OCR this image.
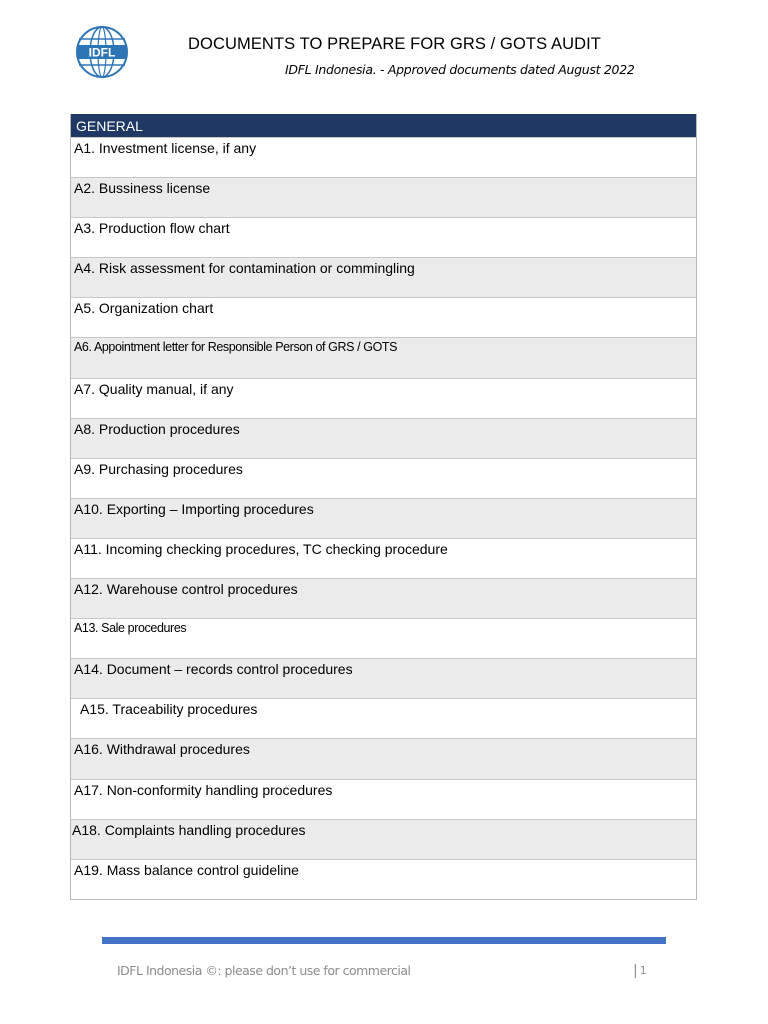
IDFL	DOCUMENTS TO PREPARE FOR GRS / GOTS AUDIT
IDFL Indonesia. - Approved documents dated August 2022
GENERAL
A1. Investment license, if any
A2. Bussiness license
A3. Production flow chart
A4. Risk assessment for contamination or commingling
A5. Organization chart
A6. Appointment letter for Responsible Person of GRS / GOTS
A7. Quality manual, if any
A8. Production procedures
A9. Purchasing procedures
A10. Exporting – Importing procedures
A11. Incoming checking procedures, TC checking procedure
A12. Warehouse control procedures
A13. Sale procedures
A14. Document – records control procedures
A15. Traceability procedures
A16. Withdrawal procedures
A17. Non-conformity handling procedures
A18. Complaints handling procedures
A19. Mass balance control guideline
IDFL Indonesia ©: please don’t use for commercial	| 1
